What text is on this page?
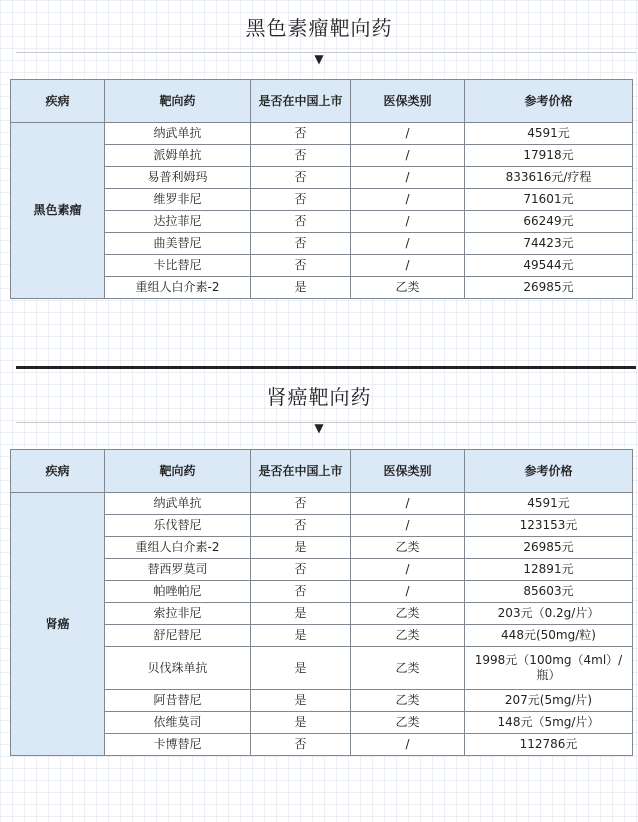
黑色素瘤靶向药
▼
疾病	靶向药	是否在中国上市	医保类别	参考价格
黑色素瘤	纳武单抗	否	/	4591元
	派姆单抗	否	/	17918元
	易普利姆玛	否	/	833616元/疗程
	维罗非尼	否	/	71601元
	达拉菲尼	否	/	66249元
	曲美替尼	否	/	74423元
	卡比替尼	否	/	49544元
	重组人白介素-2	是	乙类	26985元
肾癌靶向药
▼
疾病	靶向药	是否在中国上市	医保类别	参考价格
肾癌	纳武单抗	否	/	4591元
	乐伐替尼	否	/	123153元
	重组人白介素-2	是	乙类	26985元
	替西罗莫司	否	/	12891元
	帕唑帕尼	否	/	85603元
	索拉非尼	是	乙类	203元（0.2g/片）
	舒尼替尼	是	乙类	448元(50mg/粒)
	贝伐珠单抗	是	乙类	1998元（100mg（4ml）/瓶）
	阿昔替尼	是	乙类	207元(5mg/片)
	依维莫司	是	乙类	148元（5mg/片）
	卡博替尼	否	/	112786元
